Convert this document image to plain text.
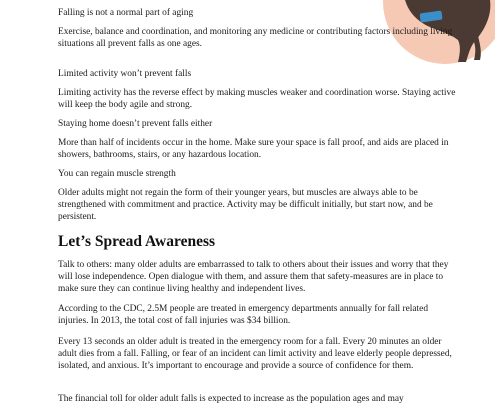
Falling is not a normal part of aging

Exercise, balance and coordination, and monitoring any medicine or contributing factors including living situations all prevent falls as one ages.

Limited activity won’t prevent falls

Limiting activity has the reverse effect by making muscles weaker and coordination worse. Staying active will keep the body agile and strong.

Staying home doesn’t prevent falls either

More than half of incidents occur in the home. Make sure your space is fall proof, and aids are placed in showers, bathrooms, stairs, or any hazardous location.

You can regain muscle strength

Older adults might not regain the form of their younger years, but muscles are always able to be strengthened with commitment and practice. Activity may be difficult initially, but start now, and be persistent.

Let’s Spread Awareness

Talk to others: many older adults are embarrassed to talk to others about their issues and worry that they will lose independence. Open dialogue with them, and assure them that safety-measures are in place to make sure they can continue living healthy and independent lives.

According to the CDC, 2.5M people are treated in emergency departments annually for fall related injuries. In 2013, the total cost of fall injuries was $34 billion.

Every 13 seconds an older adult is treated in the emergency room for a fall. Every 20 minutes an older adult dies from a fall. Falling, or fear of an incident can limit activity and leave elderly people depressed, isolated, and anxious. It’s important to encourage and provide a source of confidence for them.

The financial toll for older adult falls is expected to increase as the population ages and may
